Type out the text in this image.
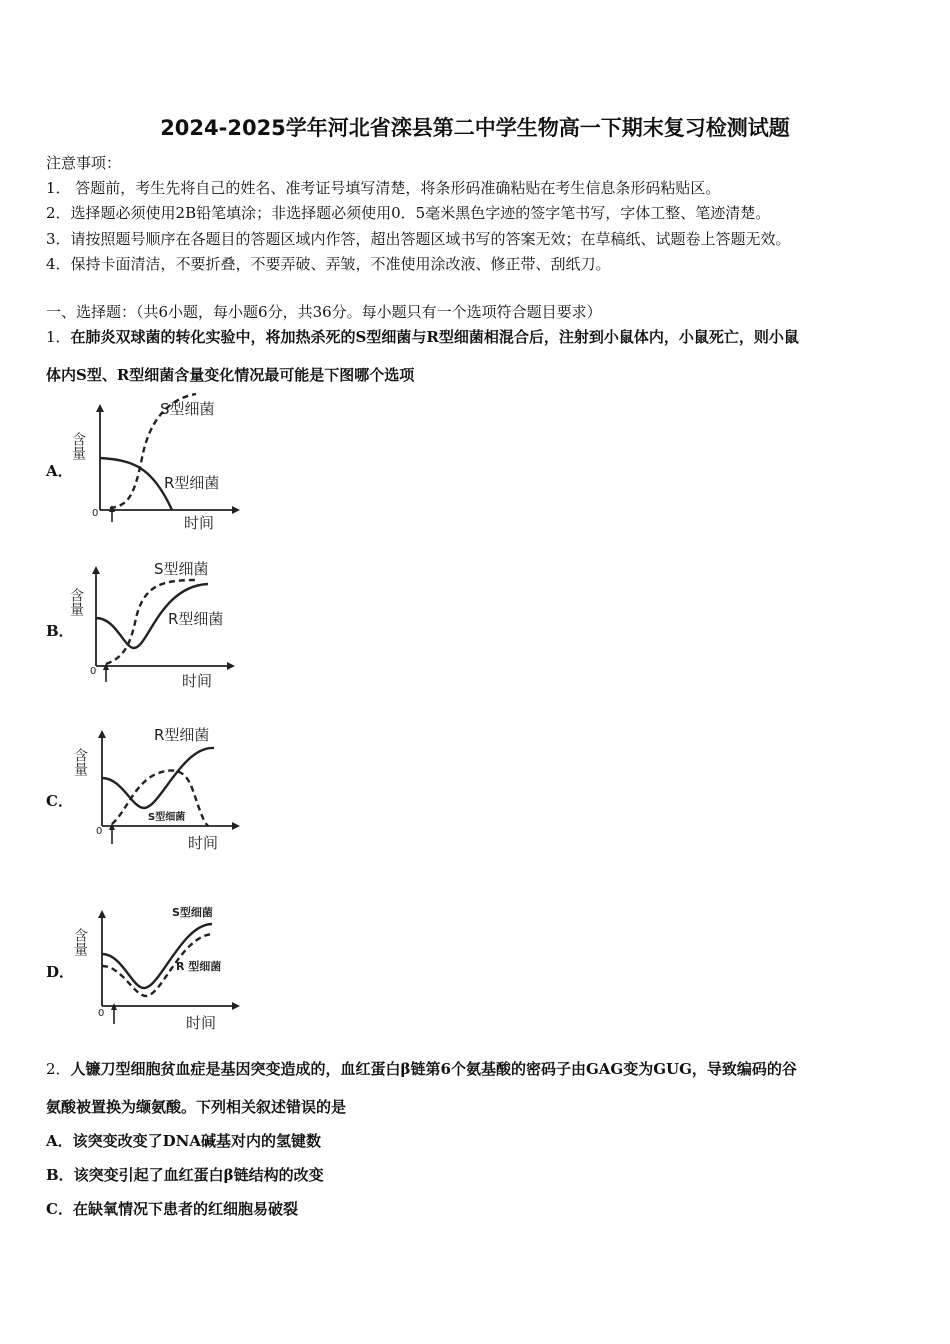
2024-2025学年河北省滦县第二中学生物高一下期末复习检测试题
注意事项：
1． 答题前，考生先将自己的姓名、准考证号填写清楚，将条形码准确粘贴在考生信息条形码粘贴区。
2．选择题必须使用2B铅笔填涂；非选择题必须使用0．5毫米黑色字迹的签字笔书写，字体工整、笔迹清楚。
3．请按照题号顺序在各题目的答题区域内作答，超出答题区域书写的答案无效；在草稿纸、试题卷上答题无效。
4．保持卡面清洁，不要折叠，不要弄破、弄皱，不准使用涂改液、修正带、刮纸刀。
一、选择题：（共6小题，每小题6分，共36分。每小题只有一个选项符合题目要求）
1．在肺炎双球菌的转化实验中，将加热杀死的S型细菌与R型细菌相混合后，注射到小鼠体内，小鼠死亡，则小鼠
体内S型、R型细菌含量变化情况最可能是下图哪个选项
A．
0
含量
时间
S型细菌
R型细菌
B．
0
含量
时间
S型细菌
R型细菌
C．
0
含量
时间
R型细菌
S型细菌
D．
0
含量
时间
S型细菌
R 型细菌
2．人镰刀型细胞贫血症是基因突变造成的，血红蛋白β链第6个氨基酸的密码子由GAG变为GUG，导致编码的谷
氨酸被置换为缬氨酸。下列相关叙述错误的是
A．该突变改变了DNA碱基对内的氢键数
B．该突变引起了血红蛋白β链结构的改变
C．在缺氧情况下患者的红细胞易破裂
